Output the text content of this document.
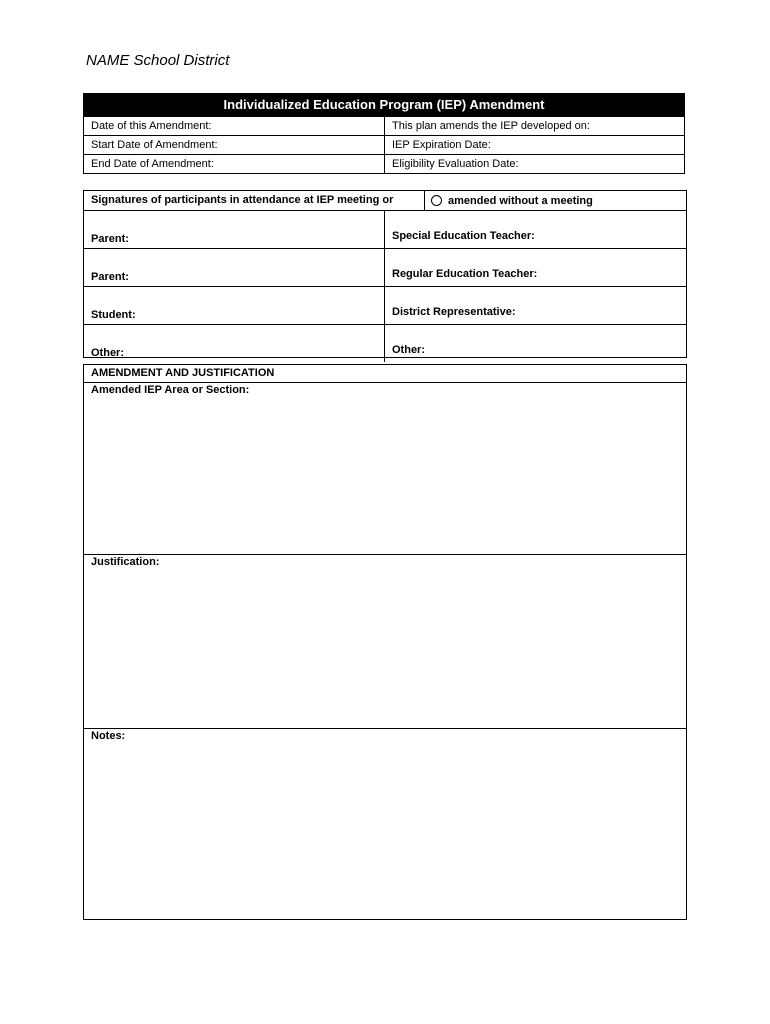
NAME School District
Individualized Education Program (IEP) Amendment
Date of this Amendment:	This plan amends the IEP developed on:
Start Date of Amendment:	IEP Expiration Date:
End Date of Amendment:	Eligibility Evaluation Date:
Signatures of participants in attendance at IEP meeting or	amended without a meeting
Parent:	Special Education Teacher:
Parent:	Regular Education Teacher:
Student:	District Representative:
Other:	Other:
AMENDMENT AND JUSTIFICATION
Amended IEP Area or Section:
Justification:
Notes:
